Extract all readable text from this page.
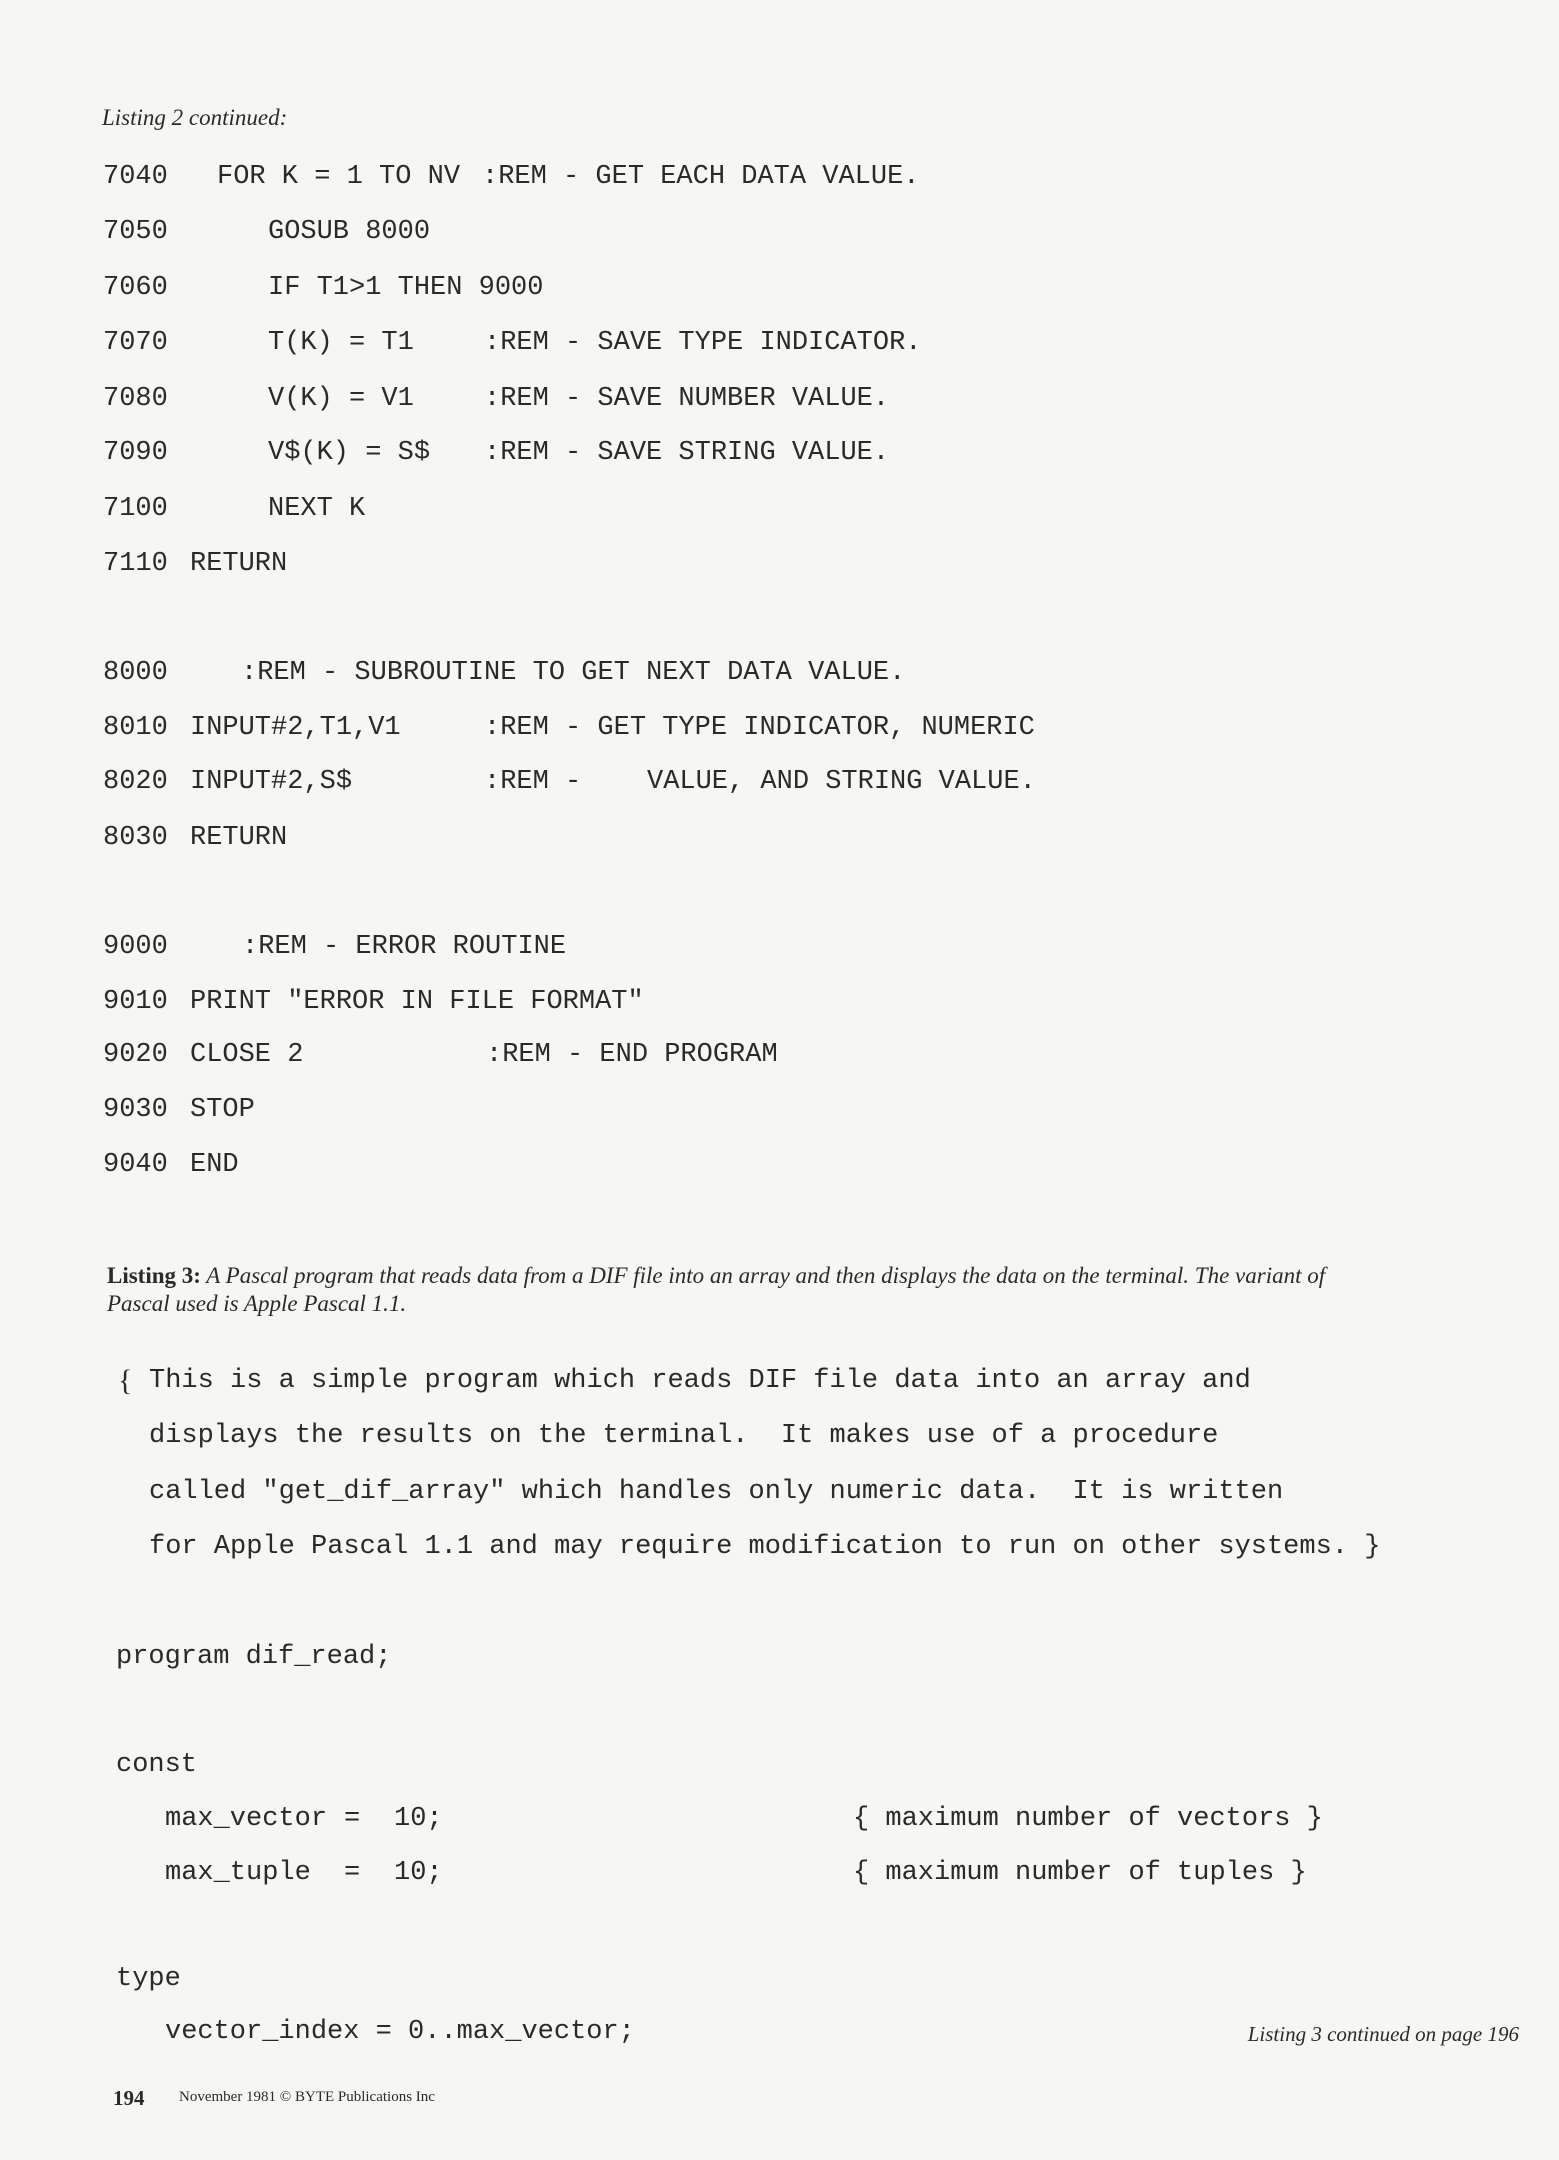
Listing 2 continued:
7040 FOR K = 1 TO NV :REM - GET EACH DATA VALUE.
7050	GOSUB 8000
7060	IF T1>1 THEN 9000
7070	T(K) = T1	:REM - SAVE TYPE INDICATOR.
7080	V(K) = V1	:REM - SAVE NUMBER VALUE.
7090	V$(K) = S$ :REM - SAVE STRING VALUE.
7100	NEXT K
7110 RETURN
8000	:REM - SUBROUTINE TO GET NEXT DATA VALUE.
8010 INPUT#2,T1,V1	:REM - GET TYPE INDICATOR, NUMERIC
8020 INPUT#2,S$	:REM - VALUE, AND STRING VALUE.
8030 RETURN
9000	:REM - ERROR ROUTINE
9010 PRINT "ERROR IN FILE FORMAT"
9020 CLOSE 2	:REM - END PROGRAM
9030 STOP
9040 END
Listing 3: A Pascal program that reads data from a DIF file into an array and then displays the data on the terminal. The variant of
Pascal used is Apple Pascal 1.1.
{ This is a simple program which reads DIF file data into an array and
displays the results on the terminal.  It makes use of a procedure
called "get_dif_array" which handles only numeric data.  It is written
for Apple Pascal 1.1 and may require modification to run on other systems. }
program dif_read;
const
max_vector = 10;	{ maximum number of vectors }
max_tuple = 10;	{ maximum number of tuples }
type
vector_index = 0..max_vector;	Listing 3 continued on page 196
194 November 1981 © BYTE Publications Inc
